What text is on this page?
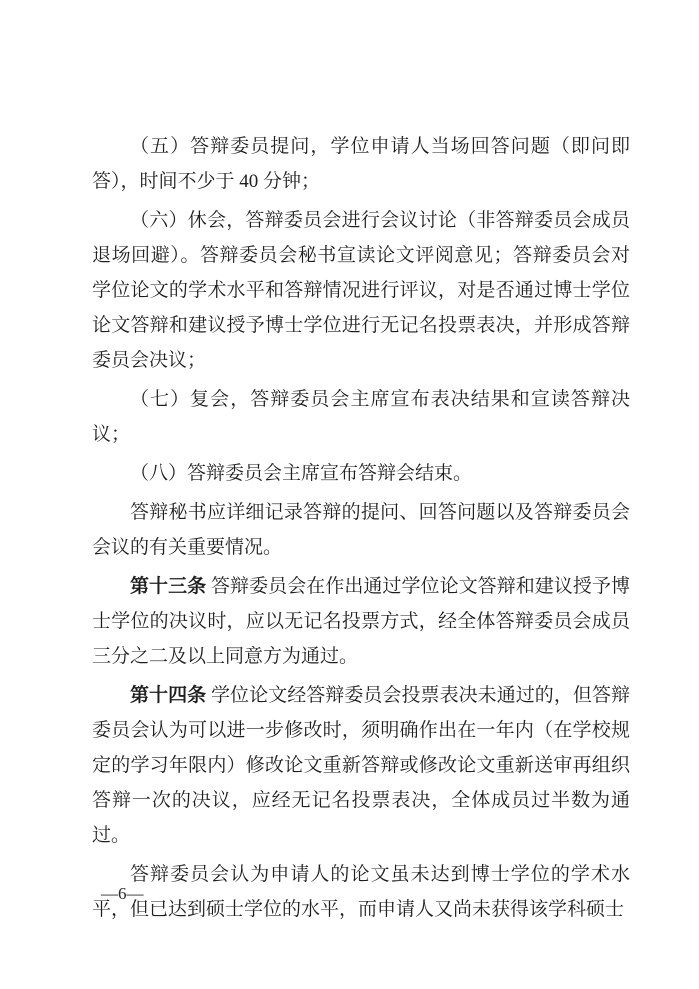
（五）答辩委员提问，学位申请人当场回答问题（即问即答），时间不少于 40 分钟；

（六）休会，答辩委员会进行会议讨论（非答辩委员会成员退场回避）。答辩委员会秘书宣读论文评阅意见；答辩委员会对学位论文的学术水平和答辩情况进行评议，对是否通过博士学位论文答辩和建议授予博士学位进行无记名投票表决，并形成答辩委员会决议；

（七）复会，答辩委员会主席宣布表决结果和宣读答辩决议；

（八）答辩委员会主席宣布答辩会结束。

答辩秘书应详细记录答辩的提问、回答问题以及答辩委员会会议的有关重要情况。

第十三条 答辩委员会在作出通过学位论文答辩和建议授予博士学位的决议时，应以无记名投票方式，经全体答辩委员会成员三分之二及以上同意方为通过。

第十四条 学位论文经答辩委员会投票表决未通过的，但答辩委员会认为可以进一步修改时，须明确作出在一年内（在学校规定的学习年限内）修改论文重新答辩或修改论文重新送审再组织答辩一次的决议，应经无记名投票表决，全体成员过半数为通过。

答辩委员会认为申请人的论文虽未达到博士学位的学术水平，但已达到硕士学位的水平，而申请人又尚未获得该学科硕士

—6—
